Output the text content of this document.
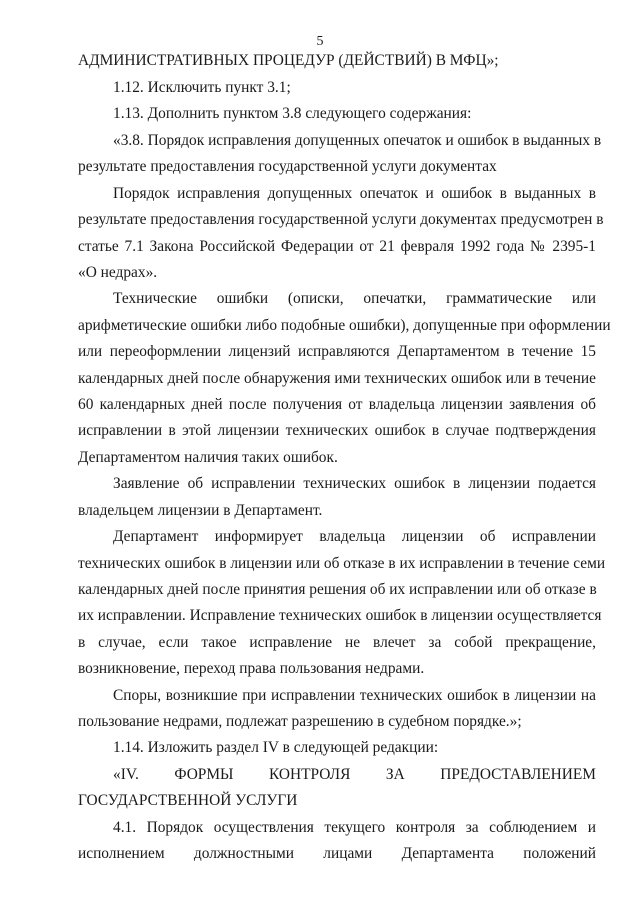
5
АДМИНИСТРАТИВНЫХ ПРОЦЕДУР (ДЕЙСТВИЙ) В МФЦ»;
1.12. Исключить пункт 3.1;
1.13. Дополнить пунктом 3.8 следующего содержания:
«3.8. Порядок исправления допущенных опечаток и ошибок в выданных в
результате предоставления государственной услуги документах
Порядок исправления допущенных опечаток и ошибок в выданных в
результате предоставления государственной услуги документах предусмотрен в
статье 7.1 Закона Российской Федерации от 21 февраля 1992 года № 2395-1
«О недрах».
Технические ошибки (описки, опечатки, грамматические или
арифметические ошибки либо подобные ошибки), допущенные при оформлении
или переоформлении лицензий исправляются Департаментом в течение 15
календарных дней после обнаружения ими технических ошибок или в течение
60 календарных дней после получения от владельца лицензии заявления об
исправлении в этой лицензии технических ошибок в случае подтверждения
Департаментом наличия таких ошибок.
Заявление об исправлении технических ошибок в лицензии подается
владельцем лицензии в Департамент.
Департамент информирует владельца лицензии об исправлении
технических ошибок в лицензии или об отказе в их исправлении в течение семи
календарных дней после принятия решения об их исправлении или об отказе в
их исправлении. Исправление технических ошибок в лицензии осуществляется
в случае, если такое исправление не влечет за собой прекращение,
возникновение, переход права пользования недрами.
Споры, возникшие при исправлении технических ошибок в лицензии на
пользование недрами, подлежат разрешению в судебном порядке.»;
1.14. Изложить раздел IV в следующей редакции:
«IV. ФОРМЫ КОНТРОЛЯ ЗА ПРЕДОСТАВЛЕНИЕМ
ГОСУДАРСТВЕННОЙ УСЛУГИ
4.1. Порядок осуществления текущего контроля за соблюдением и
исполнением должностными лицами Департамента положений
